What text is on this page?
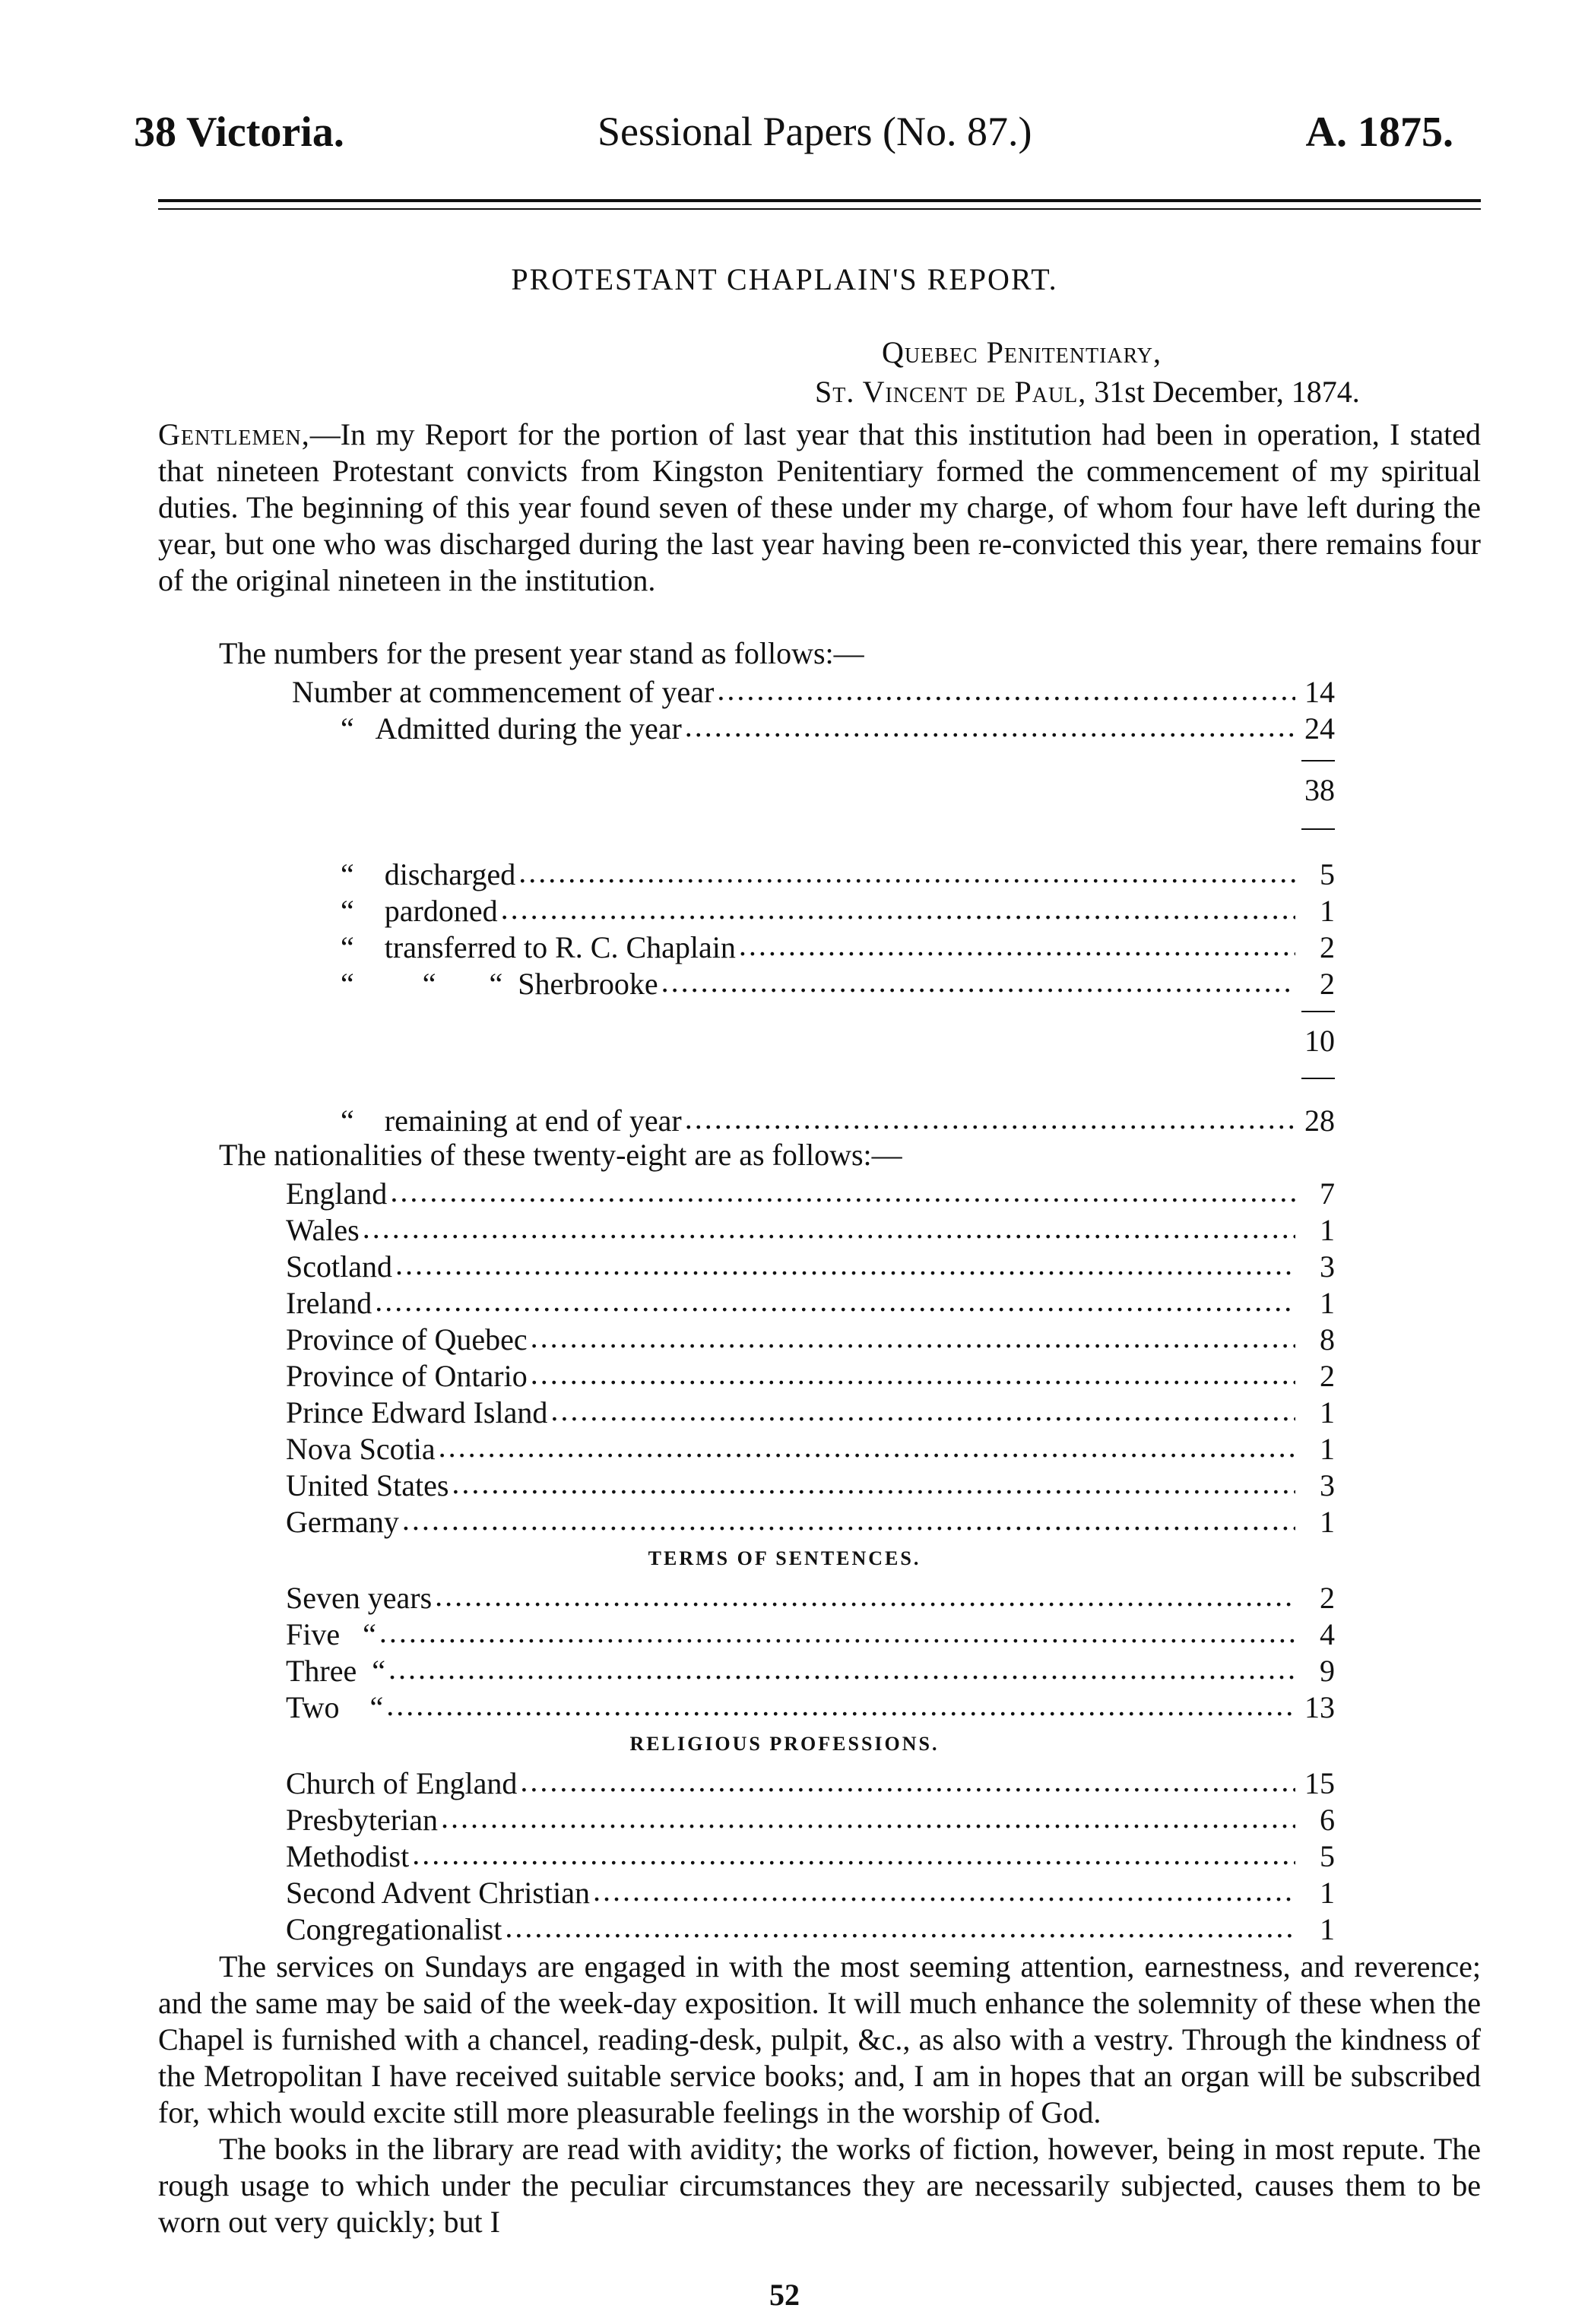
38 Victoria.	Sessional Papers (No. 87.)	A. 1875.
PROTESTANT CHAPLAIN'S REPORT.
Quebec Penitentiary,
St. Vincent de Paul, 31st December, 1874.
Gentlemen,—In my Report for the portion of last year that this institution had been in operation, I stated that nineteen Protestant convicts from Kingston Penitentiary formed the commencement of my spiritual duties. The beginning of this year found seven of these under my charge, of whom four have left during the year, but one who was discharged during the last year having been re-convicted this year, there remains four of the original nineteen in the institution.
The numbers for the present year stand as follows:—
Number at commencement of year .....	14
“   Admitted during the year .....	24
38
“    discharged .....	5
“    pardoned .....	1
“    transferred to R. C. Chaplain .....	2
“         “       “  Sherbrooke .....	2
10
“    remaining at end of year .....	28
The nationalities of these twenty-eight are as follows:—
England .....	7
Wales .....	1
Scotland .....	3
Ireland .....	1
Province of Quebec .....	8
Province of Ontario .....	2
Prince Edward Island .....	1
Nova Scotia .....	1
United States .....	3
Germany .....	1
TERMS OF SENTENCES.
Seven years .....	2
Five   “ .....	4
Three  “ .....	9
Two    “ .....	13
RELIGIOUS PROFESSIONS.
Church of England .....	15
Presbyterian .....	6
Methodist .....	5
Second Advent Christian .....	1
Congregationalist .....	1
The services on Sundays are engaged in with the most seeming attention, earnestness, and reverence; and the same may be said of the week-day exposition. It will much enhance the solemnity of these when the Chapel is furnished with a chancel, reading-desk, pulpit, &c., as also with a vestry. Through the kindness of the Metropolitan I have received suitable service books; and, I am in hopes that an organ will be subscribed for, which would excite still more pleasurable feelings in the worship of God.
The books in the library are read with avidity; the works of fiction, however, being in most repute. The rough usage to which under the peculiar circumstances they are necessarily subjected, causes them to be worn out very quickly; but I
52
